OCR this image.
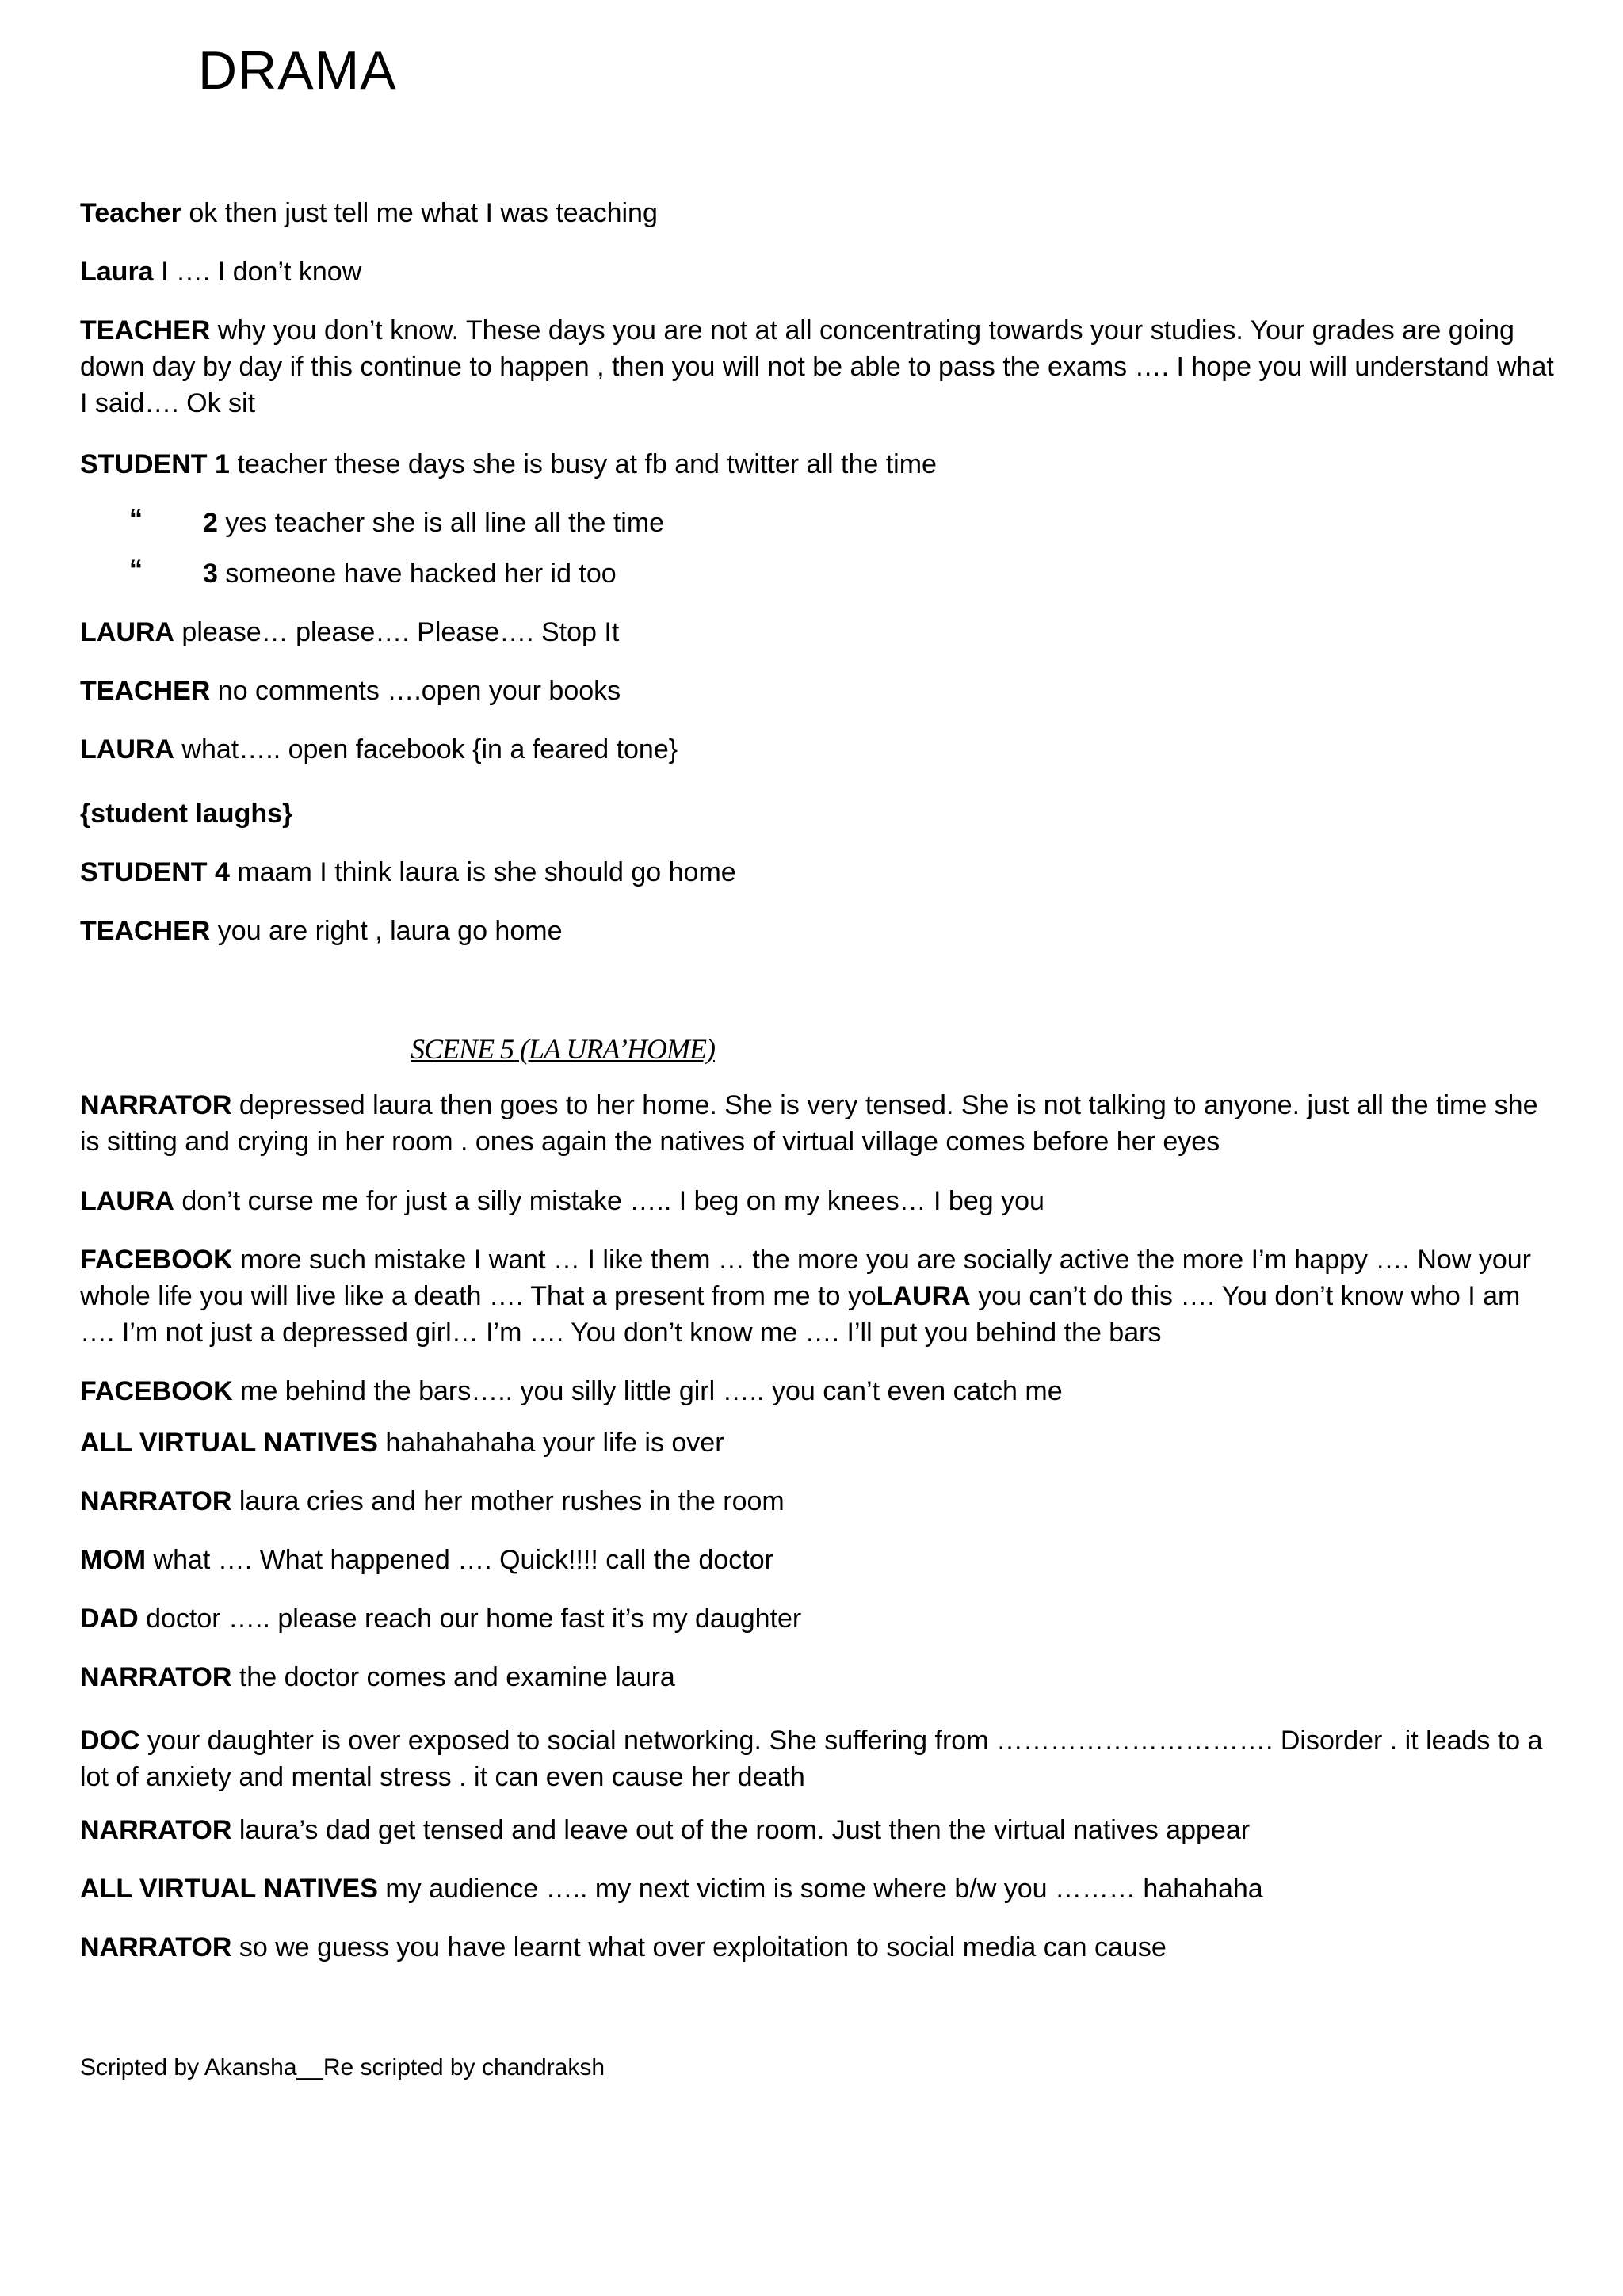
DRAMA
Teacher ok then just tell me what I was teaching
Laura I …. I don’t know
TEACHER why you don’t know. These days you are not at all concentrating towards your studies. Your grades are going down day by day if this continue to happen , then you will not be able to pass the exams …. I hope you will understand what I said…. Ok sit
STUDENT 1 teacher these days she is busy at fb and twitter all the time
“ 2 yes teacher she is all line all the time
“ 3 someone have hacked her id too
LAURA please… please…. Please…. Stop It
TEACHER no comments ….open your books
LAURA what….. open facebook {in a feared tone}
{student laughs}
STUDENT 4 maam I think laura is she should go home
TEACHER you are right , laura go home
SCENE 5 (LA URA’HOME)
NARRATOR depressed laura then goes to her home. She is very tensed. She is not talking to anyone. just all the time she is sitting and crying in her room . ones again the natives of virtual village comes before her eyes
LAURA don’t curse me for just a silly mistake ….. I beg on my knees… I beg you
FACEBOOK more such mistake I want … I like them … the more you are socially active the more I’m happy …. Now your whole life you will live like a death …. That a present from me to yoLAURA you can’t do this …. You don’t know who I am …. I’m not just a depressed girl… I’m …. You don’t know me …. I’ll put you behind the bars
FACEBOOK me behind the bars….. you silly little girl ….. you can’t even catch me
ALL VIRTUAL NATIVES hahahahaha your life is over
NARRATOR laura cries and her mother rushes in the room
MOM what …. What happened …. Quick!!!! call the doctor
DAD doctor ….. please reach our home fast it’s my daughter
NARRATOR the doctor comes and examine laura
DOC your daughter is over exposed to social networking. She suffering from …………………………. Disorder . it leads to a lot of anxiety and mental stress . it can even cause her death
NARRATOR laura’s dad get tensed and leave out of the room. Just then the virtual natives appear
ALL VIRTUAL NATIVES my audience ….. my next victim is some where b/w you ……… hahahaha
NARRATOR so we guess you have learnt what over exploitation to social media can cause
Scripted by Akansha__Re scripted by chandraksh
